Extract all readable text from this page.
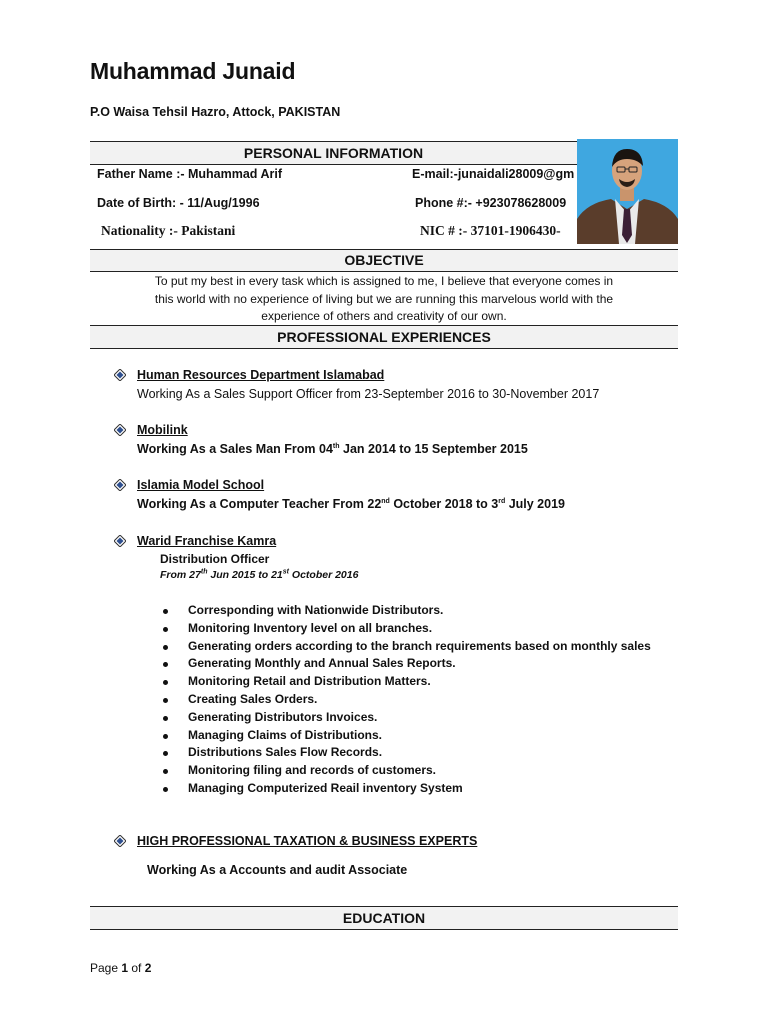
Muhammad Junaid
P.O Waisa Tehsil Hazro, Attock, PAKISTAN
PERSONAL INFORMATION
Father Name :- Muhammad Arif	E-mail:-junaidali28009@gm
Date of Birth: - 11/Aug/1996	Phone #:- +923078628009
Nationality :- Pakistani	NIC # :- 37101-1906430-
OBJECTIVE
To put my best in every task which is assigned to me, I believe that everyone comes in this world with no experience of living but we are running this marvelous world with the experience of others and creativity of our own.
PROFESSIONAL EXPERIENCES
Human Resources Department Islamabad
Working As a Sales Support Officer from 23-September 2016 to 30-November 2017
Mobilink
Working As a Sales Man From 04th Jan 2014 to 15 September 2015
Islamia Model School
Working As a Computer Teacher From 22nd October 2018 to 3rd July 2019
Warid Franchise Kamra
Distribution Officer
From 27th Jun 2015 to 21st October 2016
Corresponding with Nationwide Distributors.
Monitoring Inventory level on all branches.
Generating orders according to the branch requirements based on monthly sales
Generating Monthly and Annual Sales Reports.
Monitoring Retail and Distribution Matters.
Creating Sales Orders.
Generating Distributors Invoices.
Managing Claims of Distributions.
Distributions Sales Flow Records.
Monitoring filing and records of customers.
Managing Computerized Reail inventory System
HIGH PROFESSIONAL TAXATION & BUSINESS EXPERTS
Working As a Accounts and audit Associate
EDUCATION
Page 1 of 2
